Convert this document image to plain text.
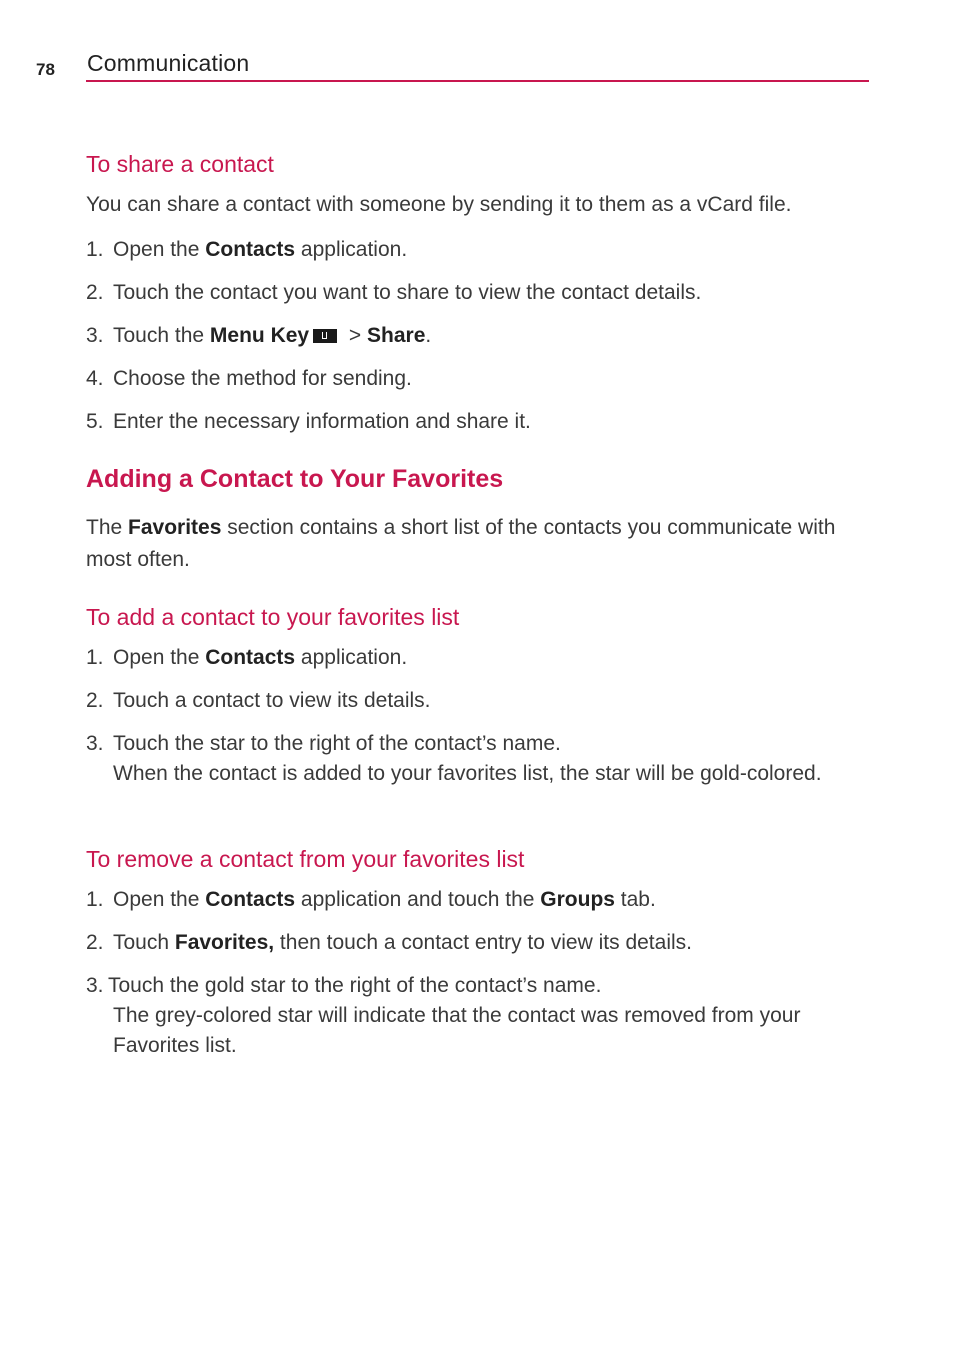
78 Communication
To share a contact

You can share a contact with someone by sending it to them as a vCard file.

1. Open the Contacts application.
2. Touch the contact you want to share to view the contact details.
3. Touch the Menu Key > Share.
4. Choose the method for sending.
5. Enter the necessary information and share it.
Adding a Contact to Your Favorites

The Favorites section contains a short list of the contacts you communicate with most often.

To add a contact to your favorites list
1. Open the Contacts application.
2. Touch a contact to view its details.
3. Touch the star to the right of the contact’s name.
When the contact is added to your favorites list, the star will be gold-colored.
To remove a contact from your favorites list
1. Open the Contacts application and touch the Groups tab.
2. Touch Favorites, then touch a contact entry to view its details.
3. Touch the gold star to the right of the contact’s name.
The grey-colored star will indicate that the contact was removed from your Favorites list.
